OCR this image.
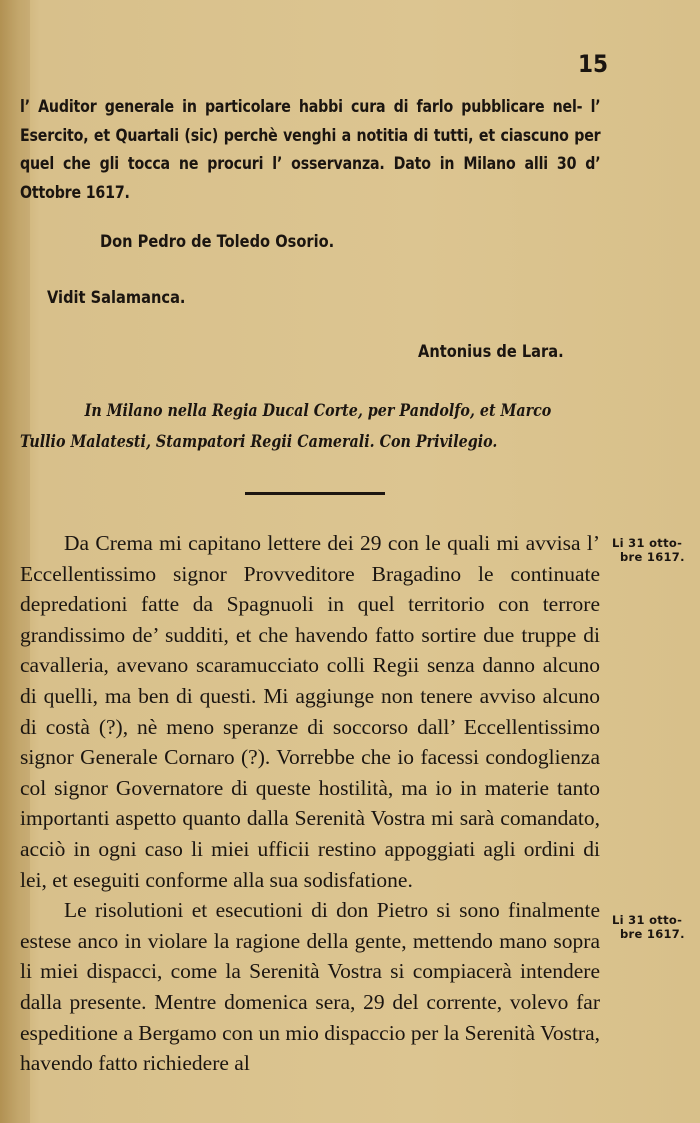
15

l’ Auditor generale in particolare habbi cura di farlo pubblicare nel- l’ Esercito, et Quartali (sic) perchè venghi a notitia di tutti, et ciascuno per quel che gli tocca ne procuri l’ osservanza. Dato in Milano alli 30 d’ Ottobre 1617.

Don Pedro de Toledo Osorio.
Vidit Salamanca.
Antonius de Lara.
In Milano nella Regia Ducal Corte, per Pandolfo, et Marco
Tullio Malatesti, Stampatori Regii Camerali. Con Privilegio.

Da Crema mi capitano lettere dei 29 con le quali mi avvisa l’ Eccellentissimo signor Provveditore Bragadino le continuate depredationi fatte da Spagnuoli in quel territorio con terrore grandissimo de’ sudditi, et che havendo fatto sortire due truppe di cavalleria, avevano scaramucciato colli Regii senza danno alcuno di quelli, ma ben di questi. Mi aggiunge non tenere avviso alcuno di costà (?), nè meno speranze di soccorso dall’ Eccellentissimo signor Generale Cornaro (?). Vorrebbe che io facessi condoglienza col signor Governatore di queste hostilità, ma io in materie tanto importanti aspetto quanto dalla Serenità Vostra mi sarà comandato, acciò in ogni caso li miei ufficii restino appoggiati agli ordini di lei, et eseguiti conforme alla sua sodisfatione.

Le risolutioni et esecutioni di don Pietro si sono finalmente estese anco in violare la ragione della gente, mettendo mano sopra li miei dispacci, come la Serenità Vostra si compiacerà intendere dalla presente. Mentre domenica sera, 29 del corrente, volevo far espeditione a Bergamo con un mio dispaccio per la Serenità Vostra, havendo fatto richiedere al

Li 31 otto-
bre 1617.
Li 31 otto-
bre 1617.
